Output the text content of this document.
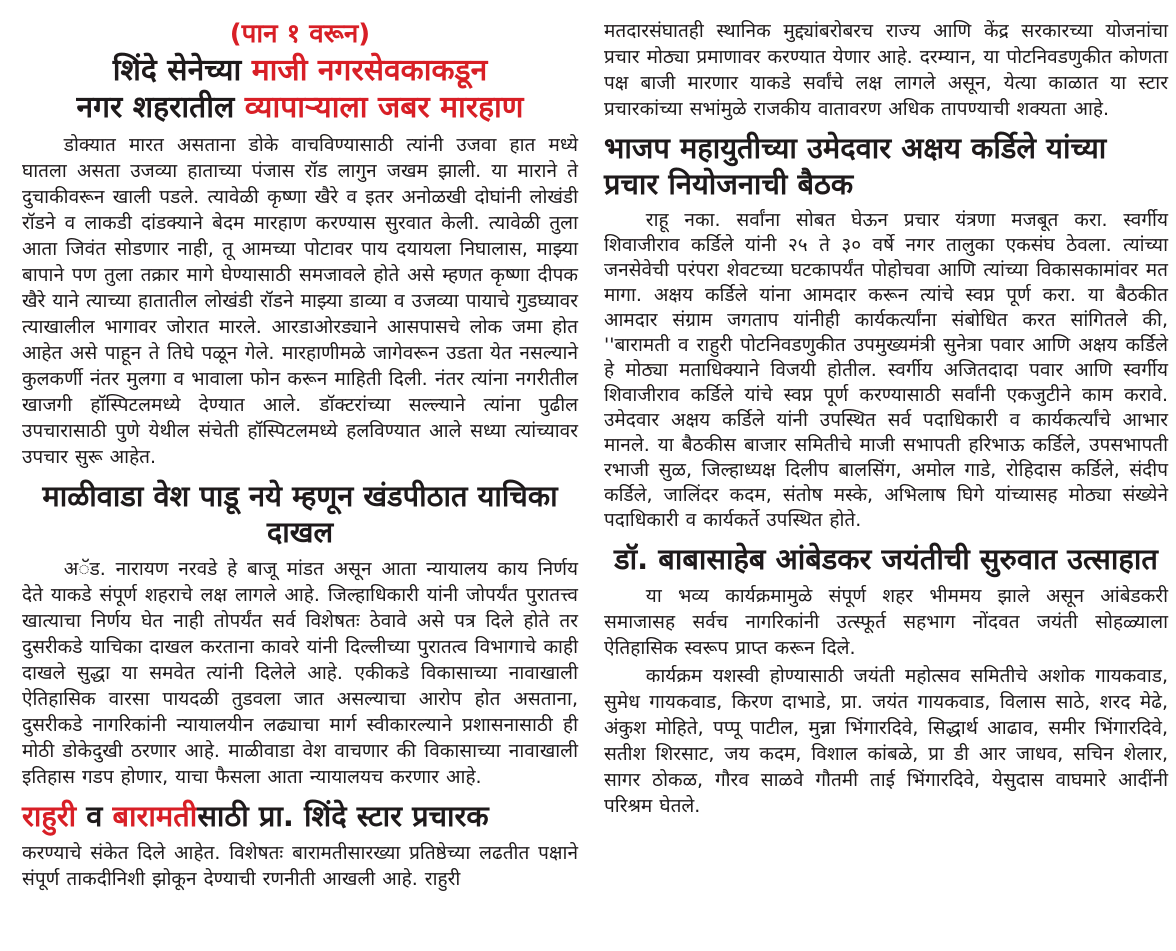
(पान १ वरून)

शिंदे सेनेच्या माजी नगरसेवकाकडून
नगर शहरातील व्यापाऱ्याला जबर मारहाण

डोक्यात मारत असताना डोके वाचविण्यासाठी त्यांनी उजवा हात मध्ये घातला असता उजव्या हाताच्या पंजास रॉड लागुन जखम झाली. या माराने ते दुचाकीवरून खाली पडले. त्यावेळी कृष्णा खैरे व इतर अनोळखी दोघांनी लोखंडी रॉडने व लाकडी दांडक्याने बेदम मारहाण करण्यास सुरवात केली. त्यावेळी तुला आता जिवंत सोडणार नाही, तू आमच्या पोटावर पाय दयायला निघालास, माझ्या बापाने पण तुला तक्रार मागे घेण्यासाठी समजावले होते असे म्हणत कृष्णा दीपक खैरे याने त्याच्या हातातील लोखंडी रॉडने माझ्या डाव्या व उजव्या पायाचे गुडघ्यावर त्याखालील भागावर जोरात मारले. आरडाओरड्याने आसपासचे लोक जमा होत आहेत असे पाहून ते तिघे पळून गेले. मारहाणीमळे जागेवरून उडता येत नसल्याने कुलकर्णी नंतर मुलगा व भावाला फोन करून माहिती दिली. नंतर त्यांना नगरीतील खाजगी हॉस्पिटलमध्ये देण्यात आले. डॉक्टरांच्या सल्ल्याने त्यांना पुढील उपचारासाठी पुणे येथील संचेती हॉस्पिटलमध्ये हलविण्यात आले सध्या त्यांच्यावर उपचार सुरू आहेत.

माळीवाडा वेश पाडू नये म्हणून खंडपीठात याचिका दाखल

अॅड. नारायण नरवडे हे बाजू मांडत असून आता न्यायालय काय निर्णय देते याकडे संपूर्ण शहराचे लक्ष लागले आहे. जिल्हाधिकारी यांनी जोपर्यंत पुरातत्त्व खात्याचा निर्णय घेत नाही तोपर्यंत सर्व विशेषतः ठेवावे असे पत्र दिले होते तर दुसरीकडे याचिका दाखल करताना कावरे यांनी दिल्लीच्या पुरातत्व विभागाचे काही दाखले सुद्धा या समवेत त्यांनी दिलेले आहे. एकीकडे विकासाच्या नावाखाली ऐतिहासिक वारसा पायदळी तुडवला जात असल्याचा आरोप होत असताना, दुसरीकडे नागरिकांनी न्यायालयीन लढ्याचा मार्ग स्वीकारल्याने प्रशासनासाठी ही मोठी डोकेदुखी ठरणार आहे. माळीवाडा वेश वाचणार की विकासाच्या नावाखाली इतिहास गडप होणार, याचा फैसला आता न्यायालयच करणार आहे.

राहुरी व बारामतीसाठी प्रा. शिंदे स्टार प्रचारक

करण्याचे संकेत दिले आहेत. विशेषतः बारामतीसारख्या प्रतिष्ठेच्या लढतीत पक्षाने संपूर्ण ताकदीनिशी झोकून देण्याची रणनीती आखली आहे. राहुरी

मतदारसंघातही स्थानिक मुद्द्यांबरोबरच राज्य आणि केंद्र सरकारच्या योजनांचा प्रचार मोठ्या प्रमाणावर करण्यात येणार आहे. दरम्यान, या पोटनिवडणुकीत कोणता पक्ष बाजी मारणार याकडे सर्वांचे लक्ष लागले असून, येत्या काळात या स्टार प्रचारकांच्या सभांमुळे राजकीय वातावरण अधिक तापण्याची शक्यता आहे.

भाजप महायुतीच्या उमेदवार अक्षय कर्डिले यांच्या प्रचार नियोजनाची बैठक

राहू नका. सर्वांना सोबत घेऊन प्रचार यंत्रणा मजबूत करा. स्वर्गीय शिवाजीराव कर्डिले यांनी २५ ते ३० वर्षे नगर तालुका एकसंघ ठेवला. त्यांच्या जनसेवेची परंपरा शेवटच्या घटकापर्यंत पोहोचवा आणि त्यांच्या विकासकामांवर मत मागा. अक्षय कर्डिले यांना आमदार करून त्यांचे स्वप्न पूर्ण करा. या बैठकीत आमदार संग्राम जगताप यांनीही कार्यकर्त्यांना संबोधित करत सांगितले की, ''बारामती व राहुरी पोटनिवडणुकीत उपमुख्यमंत्री सुनेत्रा पवार आणि अक्षय कर्डिले हे मोठ्या मताधिक्याने विजयी होतील. स्वर्गीय अजितदादा पवार आणि स्वर्गीय शिवाजीराव कर्डिले यांचे स्वप्न पूर्ण करण्यासाठी सर्वांनी एकजुटीने काम करावे. उमेदवार अक्षय कर्डिले यांनी उपस्थित सर्व पदाधिकारी व कार्यकर्त्यांचे आभार मानले. या बैठकीस बाजार समितीचे माजी सभापती हरिभाऊ कर्डिले, उपसभापती रभाजी सुळ, जिल्हाध्यक्ष दिलीप बालसिंग, अमोल गाडे, रोहिदास कर्डिले, संदीप कर्डिले, जालिंदर कदम, संतोष मस्के, अभिलाष घिगे यांच्यासह मोठ्या संख्येने पदाधिकारी व कार्यकर्ते उपस्थित होते.

डॉ. बाबासाहेब आंबेडकर जयंतीची सुरुवात उत्साहात

या भव्य कार्यक्रमामुळे संपूर्ण शहर भीममय झाले असून आंबेडकरी समाजासह सर्वच नागरिकांनी उत्स्फूर्त सहभाग नोंदवत जयंती सोहळ्याला ऐतिहासिक स्वरूप प्राप्त करून दिले.

कार्यक्रम यशस्वी होण्यासाठी जयंती महोत्सव समितीचे अशोक गायकवाड, सुमेध गायकवाड, किरण दाभाडे, प्रा. जयंत गायकवाड, विलास साठे, शरद मेढे, अंकुश मोहिते, पप्पू पाटील, मुन्ना भिंगारदिवे, सिद्धार्थ आढाव, समीर भिंगारदिवे, सतीश शिरसाट, जय कदम, विशाल कांबळे, प्रा डी आर जाधव, सचिन शेलार, सागर ठोकळ, गौरव साळवे गौतमी ताई भिंगारदिवे, येसुदास वाघमारे आदींनी परिश्रम घेतले.
